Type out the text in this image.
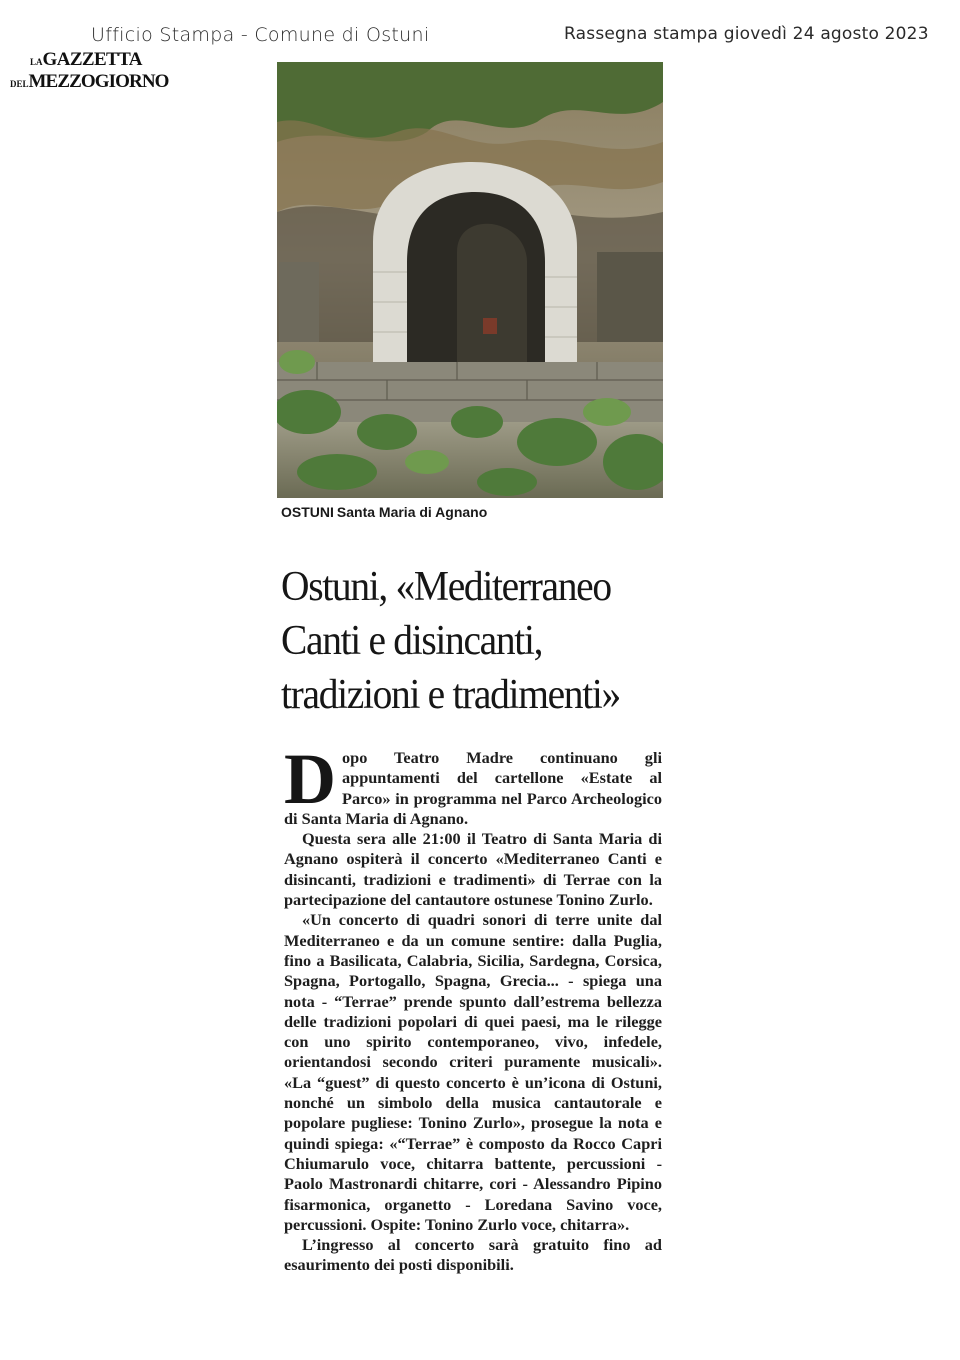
Ufficio Stampa - Comune di Ostuni	Rassegna stampa giovedì 24 agosto 2023
LAGAZZETTA
DELMEZZOGIORNO
OSTUNI Santa Maria di Agnano
Ostuni, «Mediterraneo
Canti e disincanti,
tradizioni e tradimenti»

Dopo Teatro Madre continuano gli appuntamenti del cartellone «Estate al Parco» in programma nel Parco Archeologico di Santa Maria di Agnano.

Questa sera alle 21:00 il Teatro di Santa Maria di Agnano ospiterà il concerto «Mediterraneo Canti e disincanti, tradizioni e tradimenti» di Terrae con la partecipazione del cantautore ostunese Tonino Zurlo.

«Un concerto di quadri sonori di terre unite dal Mediterraneo e da un comune sentire: dalla Puglia, fino a Basilicata, Calabria, Sicilia, Sardegna, Corsica, Spagna, Portogallo, Spagna, Grecia... - spiega una nota - “Terrae” prende spunto dall’estrema bellezza delle tradizioni popolari di quei paesi, ma le rilegge con uno spirito contemporaneo, vivo, infedele, orientandosi secondo criteri puramente musicali». «La “guest” di questo concerto è un’icona di Ostuni, nonché un simbolo della musica cantautorale e popolare pugliese: Tonino Zurlo», prosegue la nota e quindi spiega: «“Terrae” è composto da Rocco Capri Chiumarulo voce, chitarra battente, percussioni - Paolo Mastronardi chitarre, cori - Alessandro Pipino fisarmonica, organetto - Loredana Savino voce, percussioni. Ospite: Tonino Zurlo voce, chitarra».

L’ingresso al concerto sarà gratuito fino ad esaurimento dei posti disponibili.
